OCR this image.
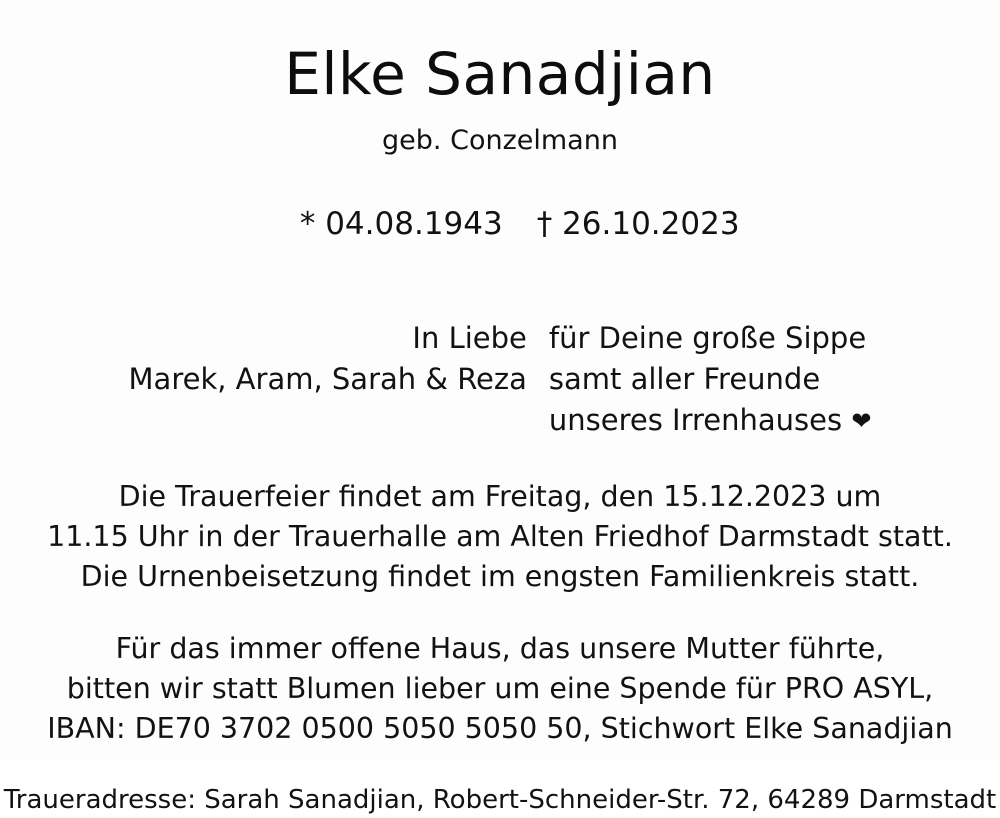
Elke Sanadjian
geb. Conzelmann

* 04.08.1943 † 26.10.2023

In Liebe
Marek, Aram, Sarah & Reza
für Deine große Sippe
samt aller Freunde
unseres Irrenhauses ❤
Die Trauerfeier findet am Freitag, den 15.12.2023 um
11.15 Uhr in der Trauerhalle am Alten Friedhof Darmstadt statt.
Die Urnenbeisetzung findet im engsten Familienkreis statt.
Für das immer offene Haus, das unsere Mutter führte,
bitten wir statt Blumen lieber um eine Spende für PRO ASYL,
IBAN: DE70 3702 0500 5050 5050 50, Stichwort Elke Sanadjian
Traueradresse: Sarah Sanadjian, Robert-Schneider-Str. 72, 64289 Darmstadt
